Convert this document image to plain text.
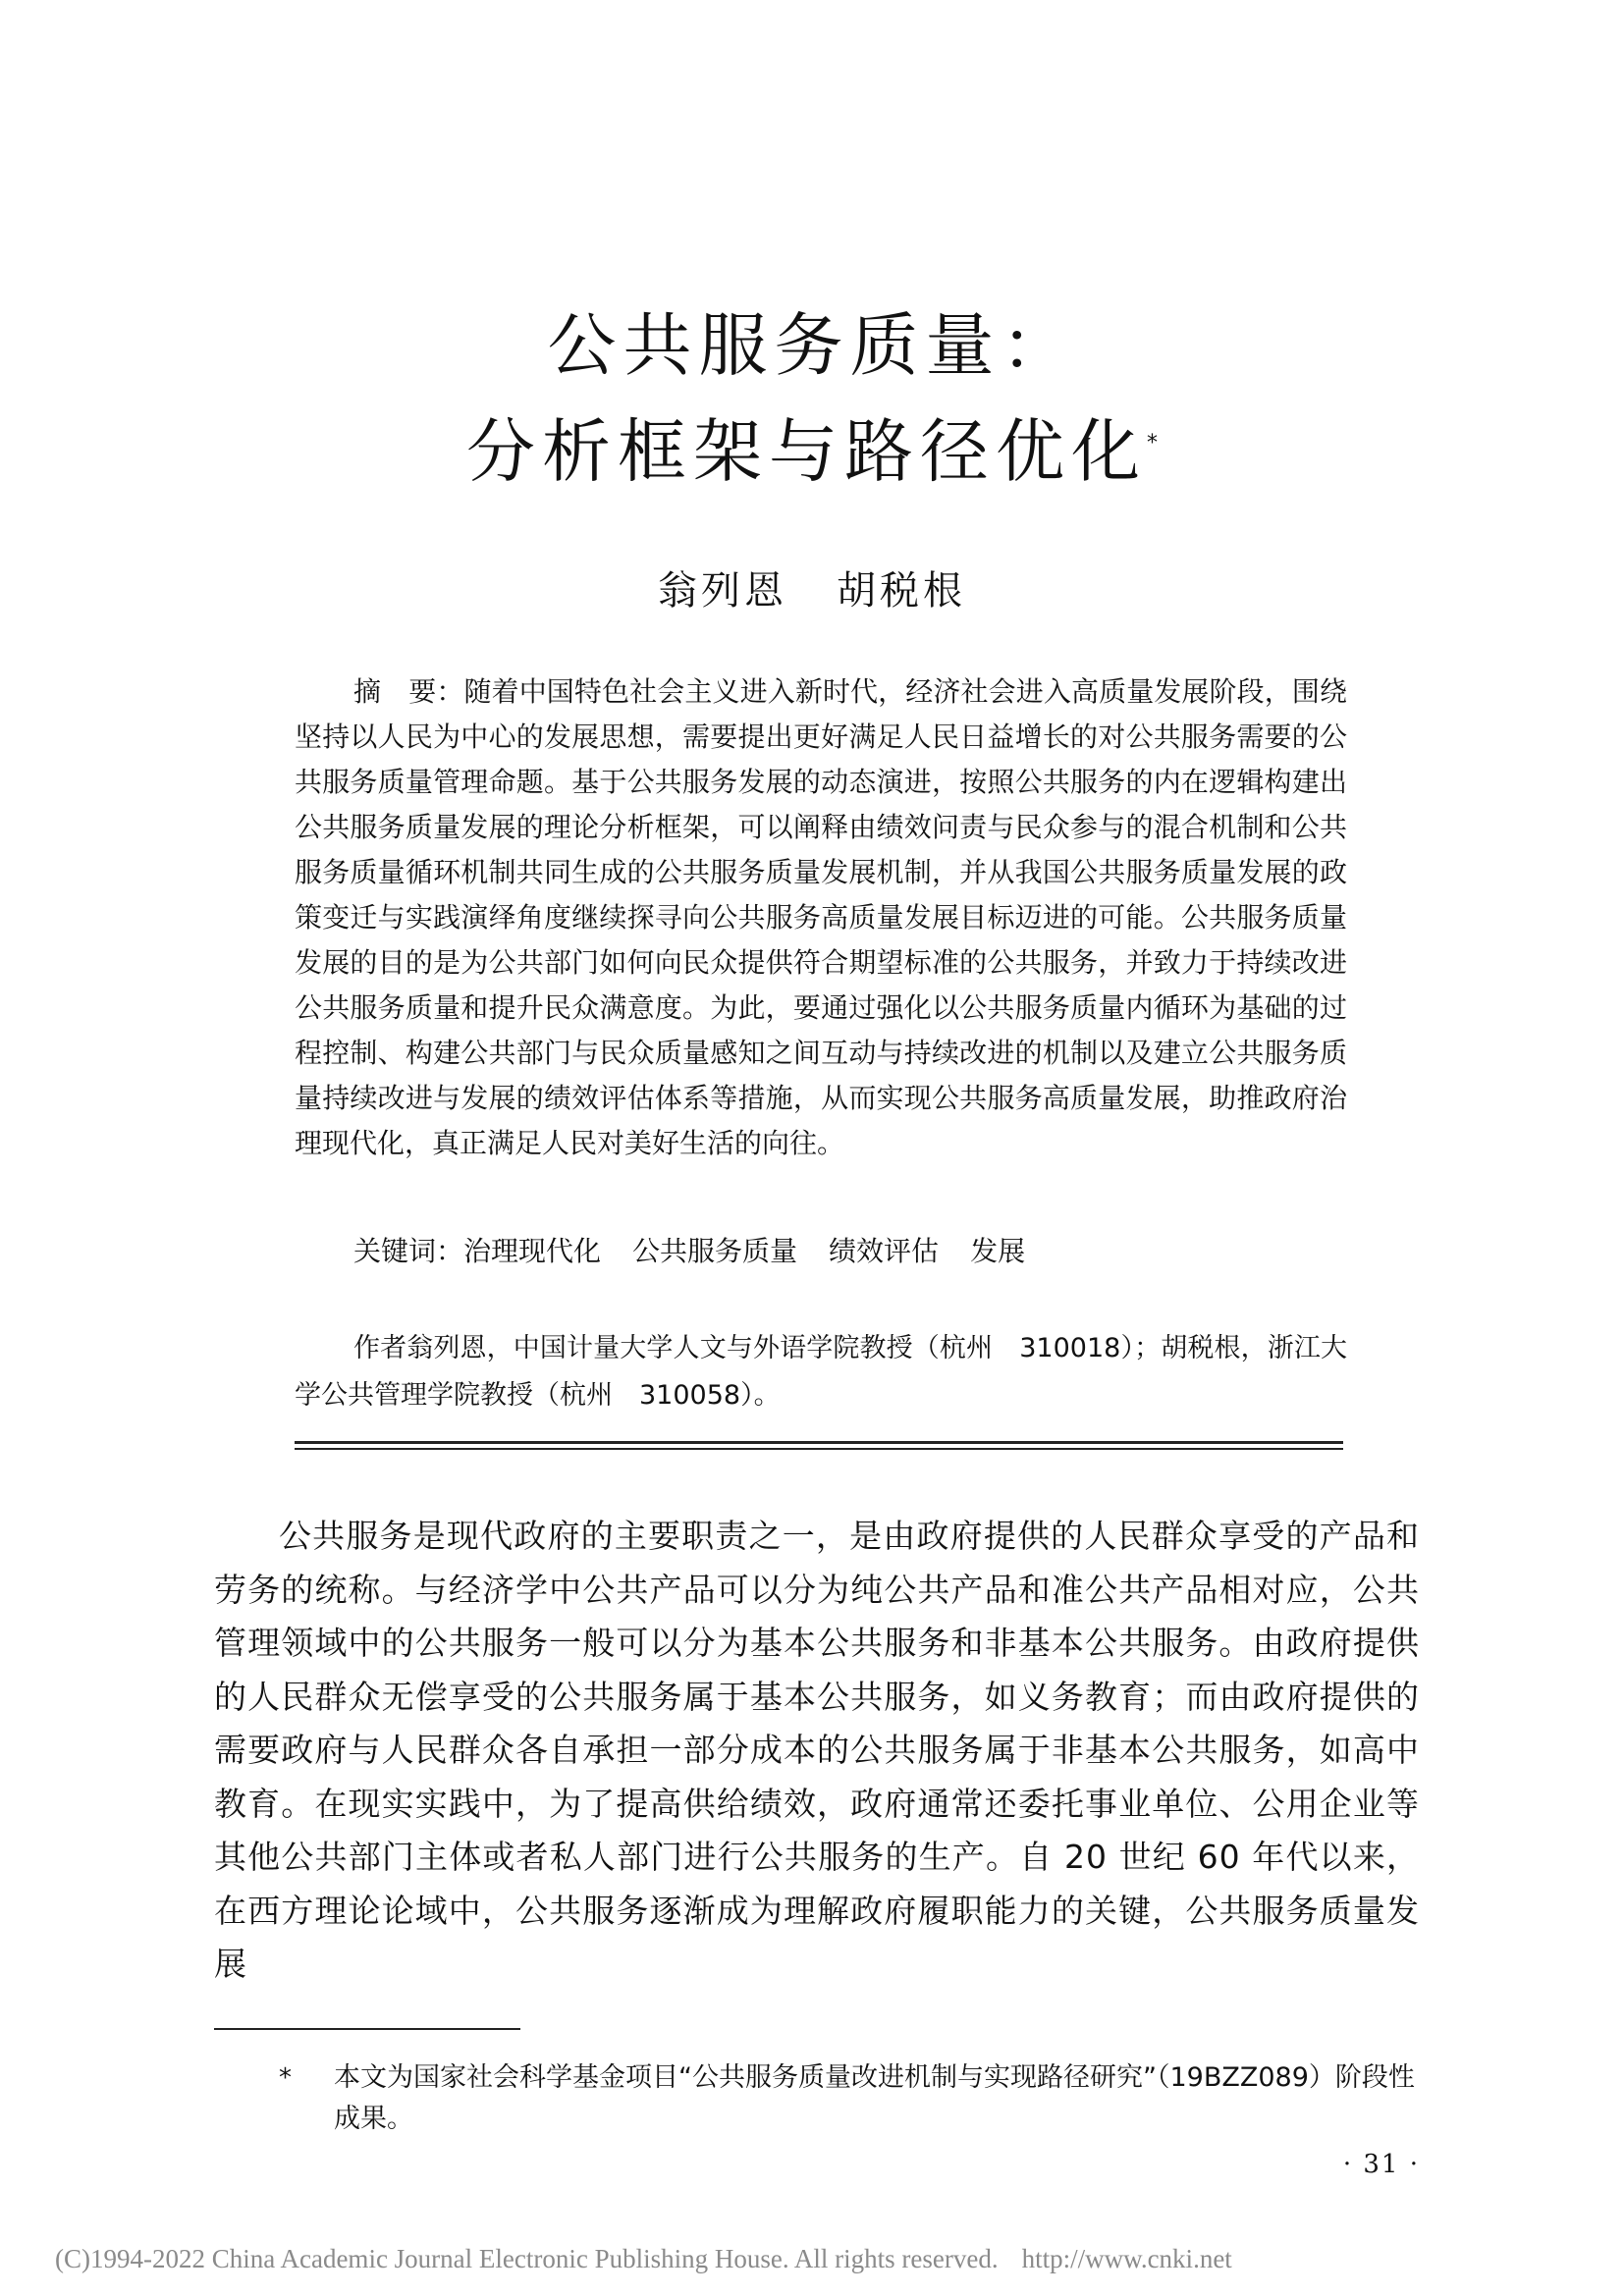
公共服务质量：
分析框架与路径优化*
翁列恩 胡税根
摘　要：随着中国特色社会主义进入新时代，经济社会进入高质量发展阶段，围绕坚持以人民为中心的发展思想，需要提出更好满足人民日益增长的对公共服务需要的公共服务质量管理命题。基于公共服务发展的动态演进，按照公共服务的内在逻辑构建出公共服务质量发展的理论分析框架，可以阐释由绩效问责与民众参与的混合机制和公共服务质量循环机制共同生成的公共服务质量发展机制，并从我国公共服务质量发展的政策变迁与实践演绎角度继续探寻向公共服务高质量发展目标迈进的可能。公共服务质量发展的目的是为公共部门如何向民众提供符合期望标准的公共服务，并致力于持续改进公共服务质量和提升民众满意度。为此，要通过强化以公共服务质量内循环为基础的过程控制、构建公共部门与民众质量感知之间互动与持续改进的机制以及建立公共服务质量持续改进与发展的绩效评估体系等措施，从而实现公共服务高质量发展，助推政府治理现代化，真正满足人民对美好生活的向往。
关键词：治理现代化 公共服务质量 绩效评估 发展
作者翁列恩，中国计量大学人文与外语学院教授（杭州　310018）；胡税根，浙江大学公共管理学院教授（杭州　310058）。
公共服务是现代政府的主要职责之一，是由政府提供的人民群众享受的产品和劳务的统称。与经济学中公共产品可以分为纯公共产品和准公共产品相对应，公共管理领域中的公共服务一般可以分为基本公共服务和非基本公共服务。由政府提供的人民群众无偿享受的公共服务属于基本公共服务，如义务教育；而由政府提供的需要政府与人民群众各自承担一部分成本的公共服务属于非基本公共服务，如高中教育。在现实实践中，为了提高供给绩效，政府通常还委托事业单位、公用企业等其他公共部门主体或者私人部门进行公共服务的生产。自 20 世纪 60 年代以来，在西方理论论域中，公共服务逐渐成为理解政府履职能力的关键，公共服务质量发展
本文为国家社会科学基金项目“公共服务质量改进机制与实现路径研究”（19BZZ089）阶段性成果。
*
· 31 ·
(C)1994-2022 China Academic Journal Electronic Publishing House. All rights reserved. http://www.cnki.net
